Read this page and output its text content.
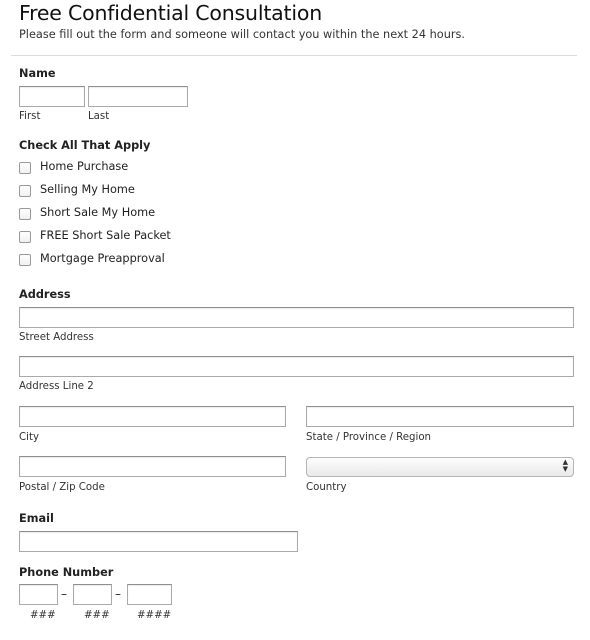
Free Confidential Consultation
Please fill out the form and someone will contact you within the next 24 hours.
Name
First	Last
Check All That Apply
Home Purchase
Selling My Home
Short Sale My Home
FREE Short Sale Packet
Mortgage Preapproval
Address
Street Address
Address Line 2
City	State / Province / Region
▲
▼
Postal / Zip Code	Country
Email
Phone Number
–	–
###	###	####
